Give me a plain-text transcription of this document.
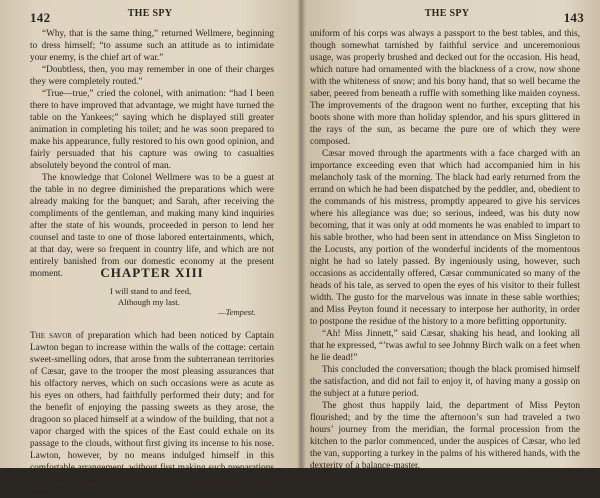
142	THE SPY

“Why, that is the same thing,” returned Wellmere, beginning to dress himself; “to assume such an attitude as to intimidate your enemy, is the chief art of war.”

“Doubtless, then, you may remember in one of their charges they were completely routed.”

“True—true,” cried the colonel, with animation: “had I been there to have improved that advantage, we might have turned the table on the Yankees;” saying which he displayed still greater animation in completing his toilet; and he was soon prepared to make his appearance, fully restored to his own good opinion, and fairly persuaded that his capture was owing to casualties absolutely beyond the control of man.

The knowledge that Colonel Wellmere was to be a guest at the table in no degree diminished the preparations which were already making for the banquet; and Sarah, after receiving the compliments of the gentleman, and making many kind inquiries after the state of his wounds, proceeded in person to lend her counsel and taste to one of those labored entertainments, which, at that day, were so frequent in country life, and which are not entirely banished from our domestic economy at the present moment.	CHAPTER XIII
I will stand to and feed,
Although my last.
—Tempest.

The savor of preparation which had been noticed by Captain Lawton began to increase within the walls of the cottage: certain sweet-smelling odors, that arose from the subterranean territories of Cæsar, gave to the trooper the most pleasing assurances that his olfactory nerves, which on such occasions were as acute as his eyes on others, had faithfully performed their duty; and for the benefit of enjoying the passing sweets as they arose, the dragoon so placed himself at a window of the building, that not a vapor charged with the spices of the East could exhale on its passage to the clouds, without first giving its incense to his nose. Lawton, however, by no means indulged himself in this comfortable arrangement, without first making such preparations to do meet honor to the feast, as his scanty wardrobe would allow. The

THE SPY	143

uniform of his corps was always a passport to the best tables, and this, though somewhat tarnished by faithful service and unceremonious usage, was properly brushed and decked out for the occasion. His head, which nature had ornamented with the blackness of a crow, now shone with the whiteness of snow; and his bony hand, that so well became the saber, peered from beneath a ruffle with something like maiden coyness. The improvements of the dragoon went no further, excepting that his boots shone with more than holiday splendor, and his spurs glittered in the rays of the sun, as became the pure ore of which they were composed.

Cæsar moved through the apartments with a face charged with an importance exceeding even that which had accompanied him in his melancholy task of the morning. The black had early returned from the errand on which he had been dispatched by the peddler, and, obedient to the commands of his mistress, promptly appeared to give his services where his allegiance was due; so serious, indeed, was his duty now becoming, that it was only at odd moments he was enabled to impart to his sable brother, who had been sent in attendance on Miss Singleton to the Locusts, any portion of the wonderful incidents of the momentous night he had so lately passed. By ingeniously using, however, such occasions as accidentally offered, Cæsar communicated so many of the heads of his tale, as served to open the eyes of his visitor to their fullest width. The gusto for the marvelous was innate in these sable worthies; and Miss Peyton found it necessary to interpose her authority, in order to postpone the residue of the history to a more befitting opportunity.

“Ah! Miss Jinnett,” said Cæsar, shaking his head, and looking all that he expressed, “’twas awful to see Johnny Birch walk on a feet when he lie dead!”

This concluded the conversation; though the black promised himself the satisfaction, and did not fail to enjoy it, of having many a gossip on the subject at a future period.

The ghost thus happily laid, the department of Miss Peyton flourished; and by the time the afternoon’s sun had traveled a two hours’ journey from the meridian, the formal procession from the kitchen to the parlor commenced, under the auspices of Cæsar, who led the van, supporting a turkey in the palms of his withered hands, with the dexterity of a balance-master.
